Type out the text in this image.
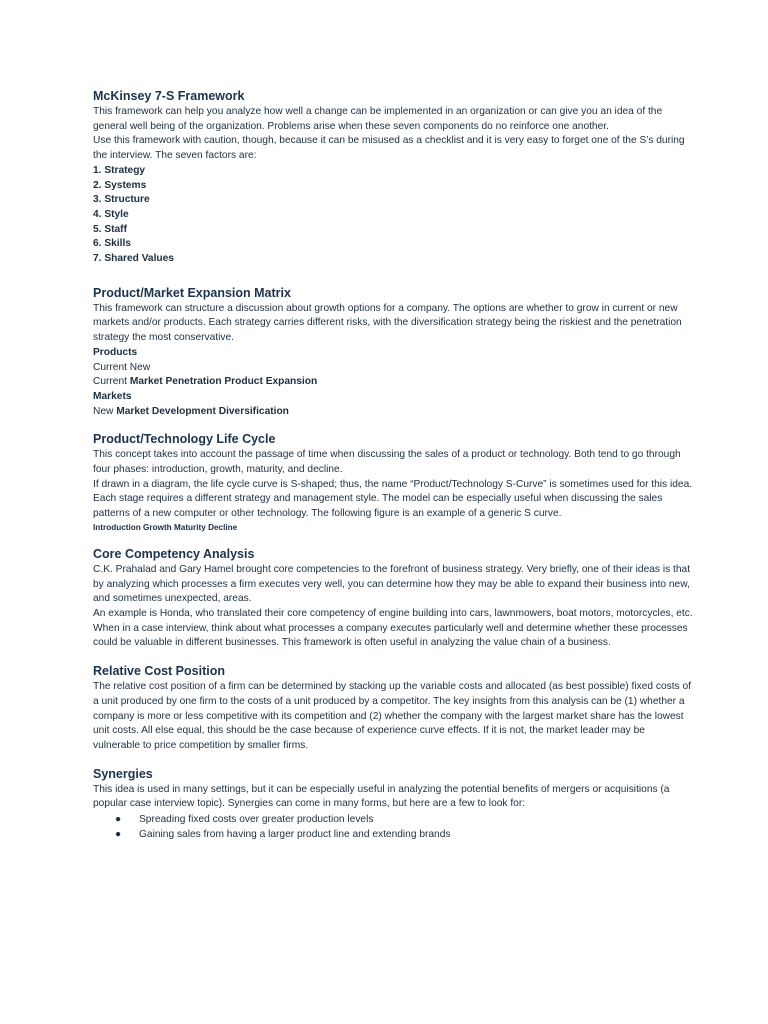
McKinsey 7-S Framework

This framework can help you analyze how well a change can be implemented in an organization or can give you an idea of the general well being of the organization. Problems arise when these seven components do no reinforce one another.

Use this framework with caution, though, because it can be misused as a checklist and it is very easy to forget one of the S’s during the interview. The seven factors are:

1. Strategy
2. Systems
3. Structure
4. Style
5. Staff
6. Skills
7. Shared Values
Product/Market Expansion Matrix

This framework can structure a discussion about growth options for a company. The options are whether to grow in current or new markets and/or products. Each strategy carries different risks, with the diversification strategy being the riskiest and the penetration strategy the most conservative.

Products
Current New
Current Market Penetration Product Expansion
Markets
New Market Development Diversification
Product/Technology Life Cycle

This concept takes into account the passage of time when discussing the sales of a product or technology. Both tend to go through four phases: introduction, growth, maturity, and decline.

If drawn in a diagram, the life cycle curve is S-shaped; thus, the name “Product/Technology S-Curve” is sometimes used for this idea. Each stage requires a different strategy and management style. The model can be especially useful when discussing the sales patterns of a new computer or other technology. The following figure is an example of a generic S curve.

Introduction Growth Maturity Decline
Core Competency Analysis

C.K. Prahalad and Gary Hamel brought core competencies to the forefront of business strategy. Very briefly, one of their ideas is that by analyzing which processes a firm executes very well, you can determine how they may be able to expand their business into new, and sometimes unexpected, areas.

An example is Honda, who translated their core competency of engine building into cars, lawnmowers, boat motors, motorcycles, etc. When in a case interview, think about what processes a company executes particularly well and determine whether these processes could be valuable in different businesses. This framework is often useful in analyzing the value chain of a business.

Relative Cost Position

The relative cost position of a firm can be determined by stacking up the variable costs and allocated (as best possible) fixed costs of a unit produced by one firm to the costs of a unit produced by a competitor. The key insights from this analysis can be (1) whether a company is more or less competitive with its competition and (2) whether the company with the largest market share has the lowest unit costs. All else equal, this should be the case because of experience curve effects. If it is not, the market leader may be vulnerable to price competition by smaller firms.

Synergies

This idea is used in many settings, but it can be especially useful in analyzing the potential benefits of mergers or acquisitions (a popular case interview topic). Synergies can come in many forms, but here are a few to look for:

● Spreading fixed costs over greater production levels
● Gaining sales from having a larger product line and extending brands
